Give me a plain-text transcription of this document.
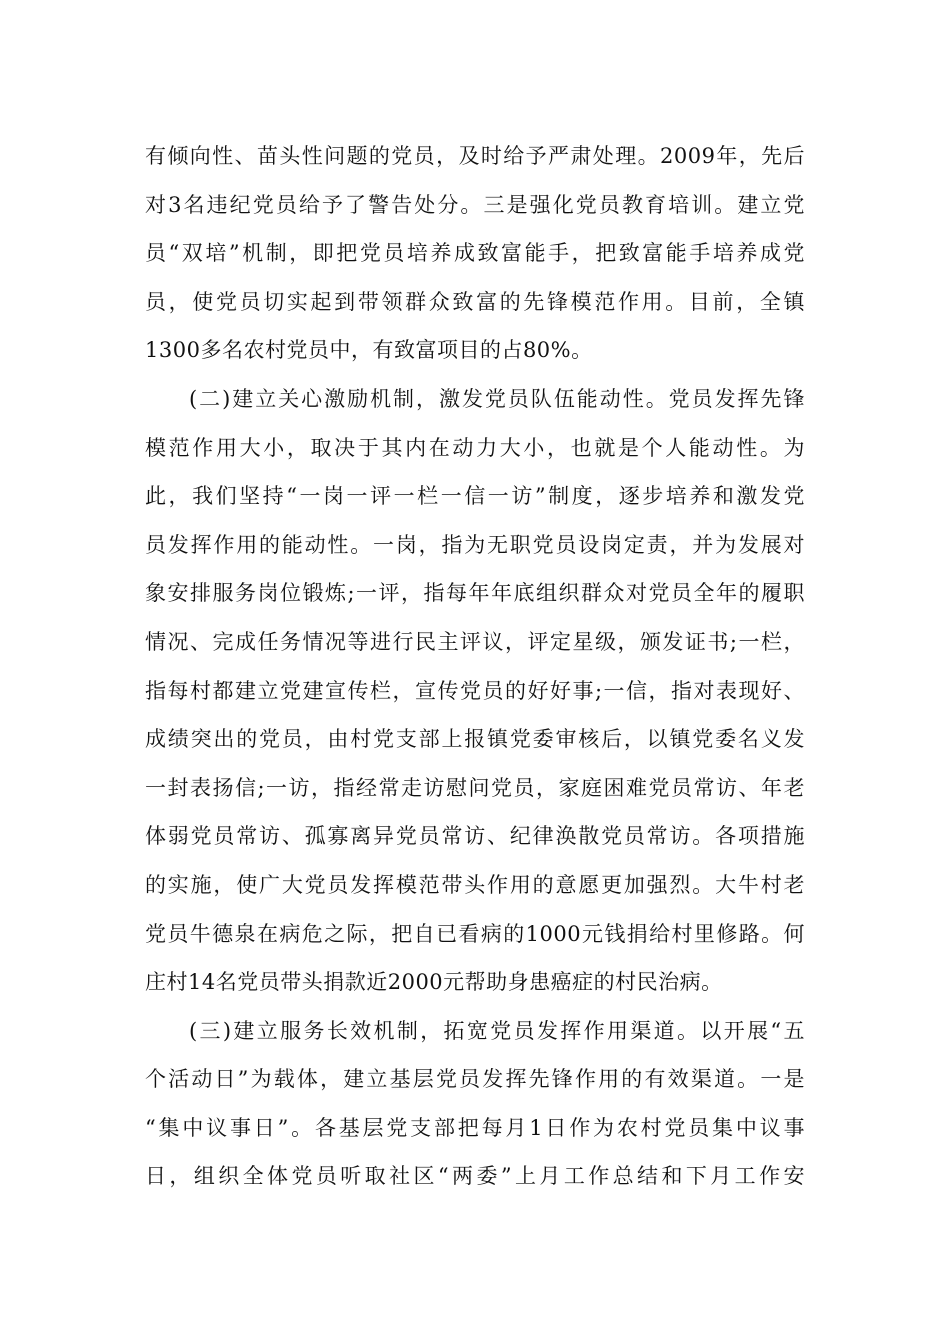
有倾向性、苗头性问题的党员，及时给予严肃处理。2009年，先后
对3名违纪党员给予了警告处分。三是强化党员教育培训。建立党
员“双培”机制，即把党员培养成致富能手，把致富能手培养成党
员，使党员切实起到带领群众致富的先锋模范作用。目前，全镇
1300多名农村党员中，有致富项目的占80%。
(二)建立关心激励机制，激发党员队伍能动性。党员发挥先锋
模范作用大小，取决于其内在动力大小，也就是个人能动性。为
此，我们坚持“一岗一评一栏一信一访”制度，逐步培养和激发党
员发挥作用的能动性。一岗，指为无职党员设岗定责，并为发展对
象安排服务岗位锻炼;一评，指每年年底组织群众对党员全年的履职
情况、完成任务情况等进行民主评议，评定星级，颁发证书;一栏，
指每村都建立党建宣传栏，宣传党员的好好事;一信，指对表现好、
成绩突出的党员，由村党支部上报镇党委审核后，以镇党委名义发
一封表扬信;一访，指经常走访慰问党员，家庭困难党员常访、年老
体弱党员常访、孤寡离异党员常访、纪律涣散党员常访。各项措施
的实施，使广大党员发挥模范带头作用的意愿更加强烈。大牛村老
党员牛德泉在病危之际，把自已看病的1000元钱捐给村里修路。何
庄村14名党员带头捐款近2000元帮助身患癌症的村民治病。
(三)建立服务长效机制，拓宽党员发挥作用渠道。以开展“五
个活动日”为载体，建立基层党员发挥先锋作用的有效渠道。一是
“集中议事日”。各基层党支部把每月1日作为农村党员集中议事
日，组织全体党员听取社区“两委”上月工作总结和下月工作安
